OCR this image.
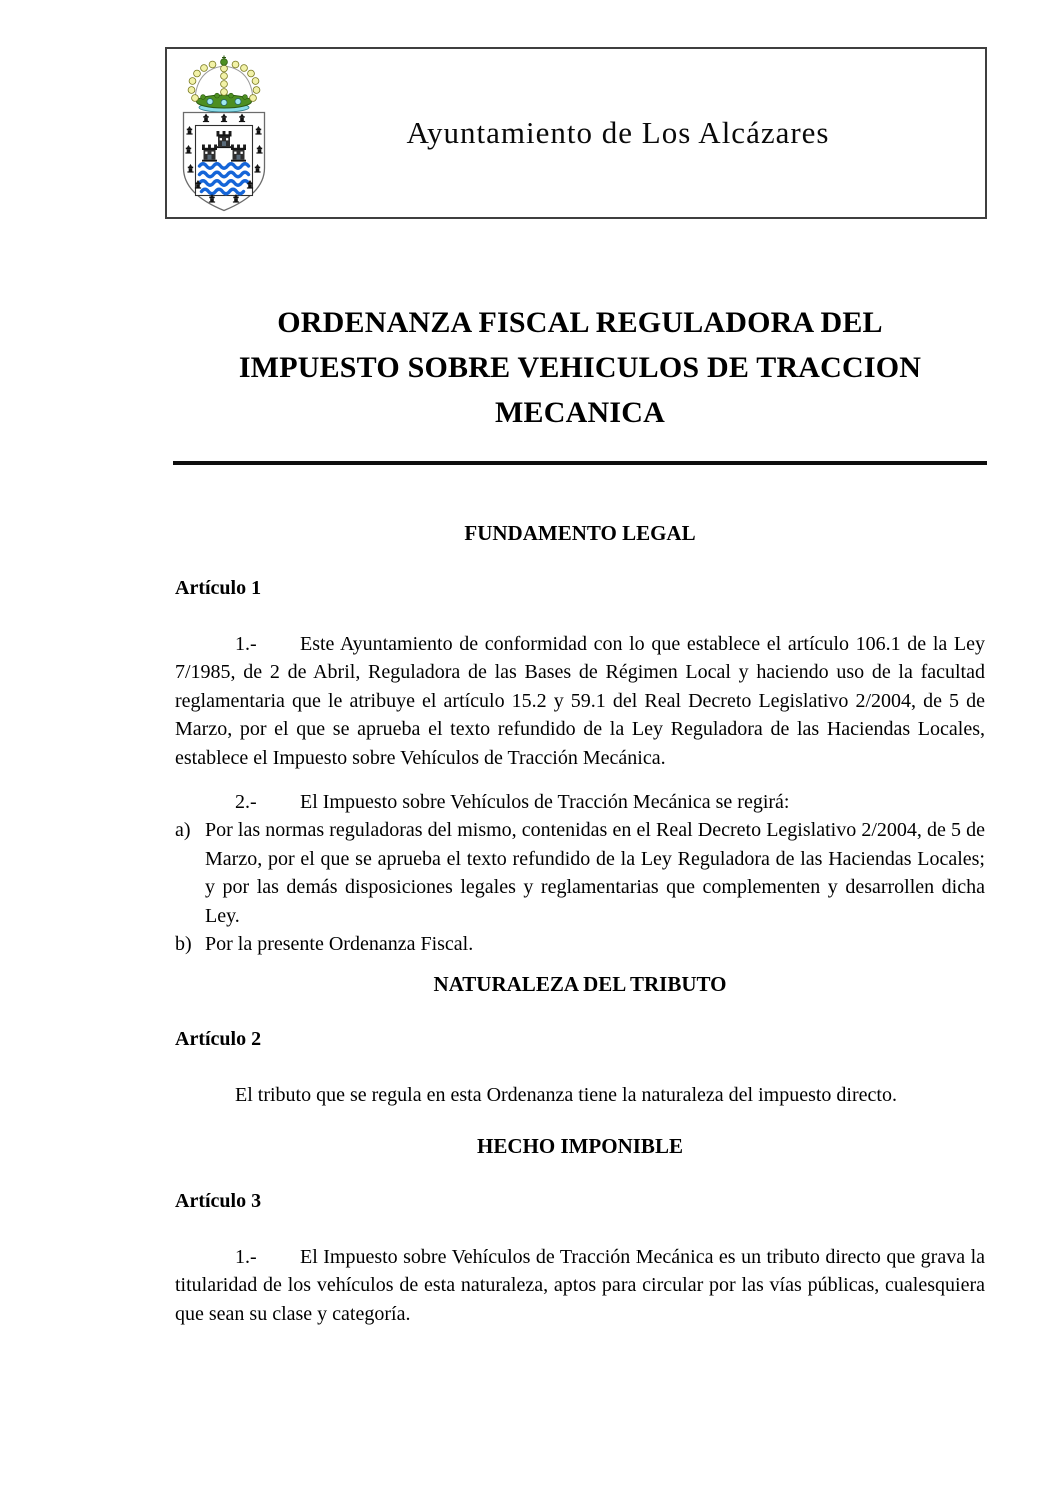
Ayuntamiento de Los Alcázares
ORDENANZA FISCAL REGULADORA DEL
IMPUESTO SOBRE VEHICULOS DE TRACCION
MECANICA
FUNDAMENTO LEGAL
Artículo 1

1.- Este Ayuntamiento de conformidad con lo que establece el artículo 106.1 de la Ley 7/1985, de 2 de Abril, Reguladora de las Bases de Régimen Local y haciendo uso de la facultad reglamentaria que le atribuye el artículo 15.2 y 59.1 del Real Decreto Legislativo 2/2004, de 5 de Marzo, por el que se aprueba el texto refundido de la Ley Reguladora de las Haciendas Locales, establece el Impuesto sobre Vehículos de Tracción Mecánica.

2.- El Impuesto sobre Vehículos de Tracción Mecánica se regirá:

a) Por las normas reguladoras del mismo, contenidas en el Real Decreto Legislativo 2/2004, de 5 de Marzo, por el que se aprueba el texto refundido de la Ley Reguladora de las Haciendas Locales; y por las demás disposiciones legales y reglamentarias que complementen y desarrollen dicha Ley.
b) Por la presente Ordenanza Fiscal.
NATURALEZA DEL TRIBUTO
Artículo 2

El tributo que se regula en esta Ordenanza tiene la naturaleza del impuesto directo.

HECHO IMPONIBLE
Artículo 3

1.- El Impuesto sobre Vehículos de Tracción Mecánica es un tributo directo que grava la titularidad de los vehículos de esta naturaleza, aptos para circular por las vías públicas, cualesquiera que sean su clase y categoría.
